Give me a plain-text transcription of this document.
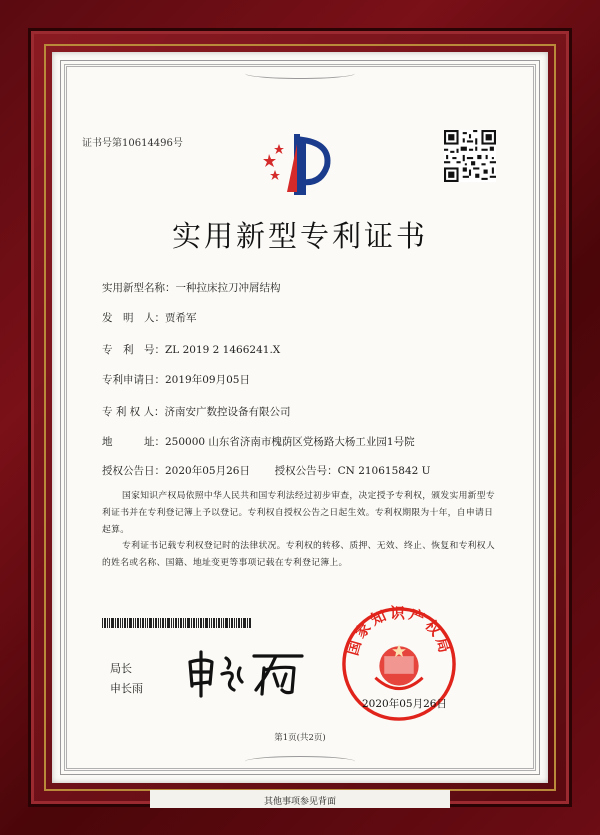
证书号第10614496号
实用新型专利证书
实用新型名称：一种拉床拉刀冲屑结构
发　明　人：贾希军
专　利　号：ZL 2019 2 1466241.X
专利申请日：2019年09月05日
专 利 权 人：济南安广数控设备有限公司
地　　　址：250000 山东省济南市槐荫区党杨路大杨工业园1号院
授权公告日：2020年05月26日 授权公告号：CN 210615842 U
国家知识产权局依照中华人民共和国专利法经过初步审查，决定授予专利权，颁发实用新型专利证书并在专利登记簿上予以登记。专利权自授权公告之日起生效。专利权期限为十年，自申请日起算。
专利证书记载专利权登记时的法律状况。专利权的转移、质押、无效、终止、恢复和专利权人的姓名或名称、国籍、地址变更等事项记载在专利登记簿上。
局长
申长雨
国家知识产权局
2020年05月26日
第1页(共2页)
其他事项参见背面
